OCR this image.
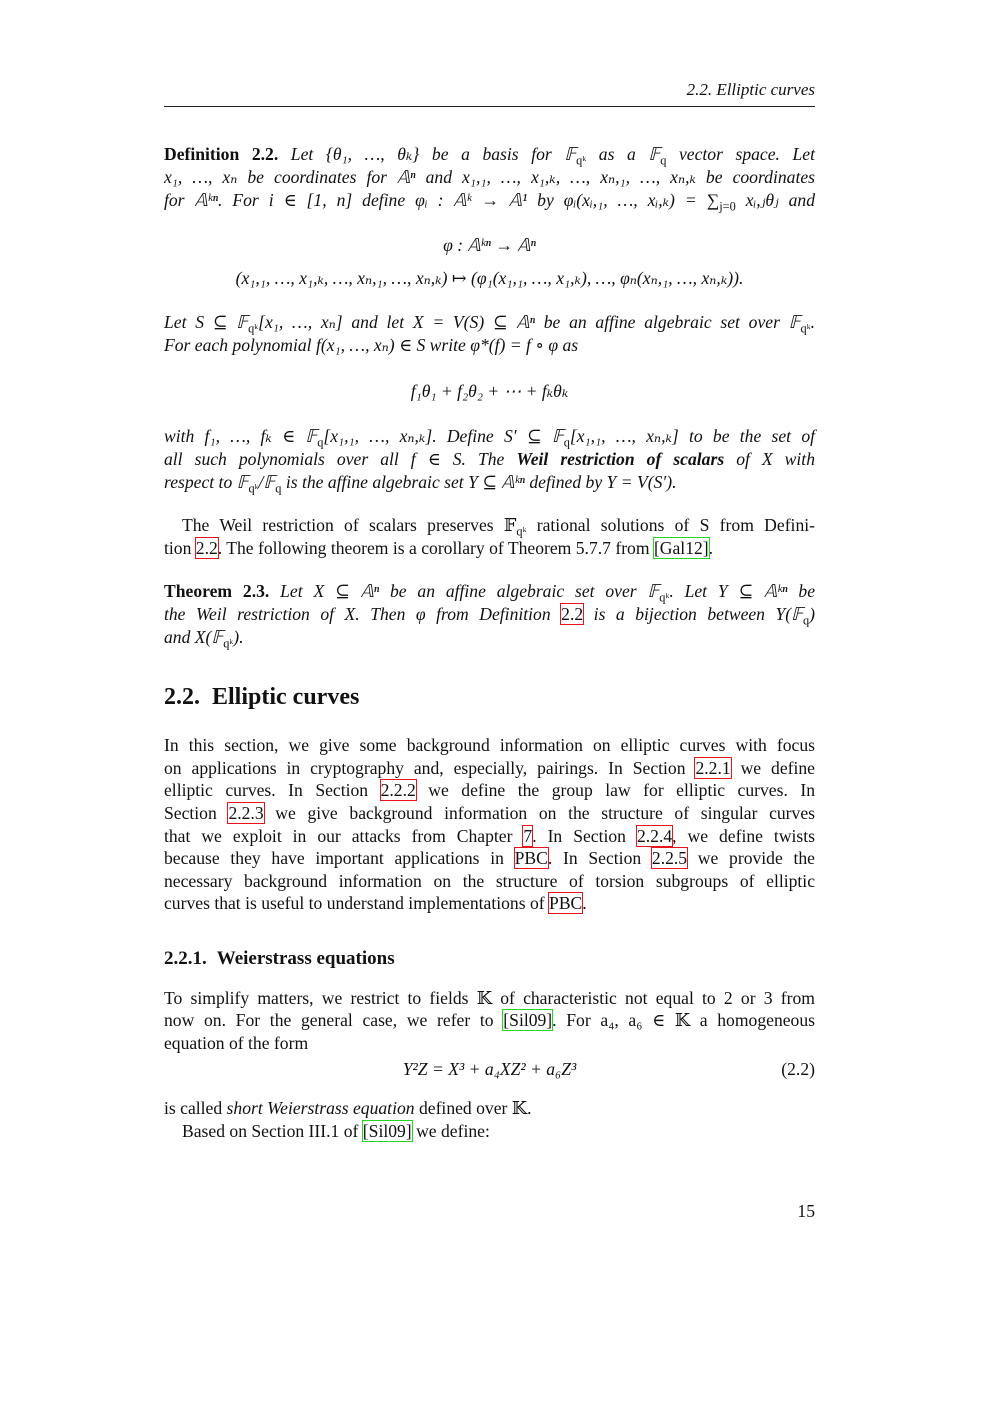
2.2. Elliptic curves
Definition 2.2. Let {θ₁, …, θₖ} be a basis for 𝔽$_{qᵏ}$ as a 𝔽$_q$ vector space. Let
x₁, …, xₙ be coordinates for 𝔸ⁿ and x₁,₁, …, x₁,ₖ, …, xₙ,₁, …, xₙ,ₖ be coordinates
for 𝔸ᵏⁿ. For i ∈ [1, n] define φᵢ : 𝔸ᵏ → 𝔸¹ by φᵢ(xᵢ,₁, …, xᵢ,ₖ) = $\sum_{j=0}$ xᵢ,ⱼθⱼ and
φ : 𝔸ᵏⁿ → 𝔸ⁿ
(x₁,₁, …, x₁,ₖ, …, xₙ,₁, …, xₙ,ₖ) ↦ (φ₁(x₁,₁, …, x₁,ₖ), …, φₙ(xₙ,₁, …, xₙ,ₖ)).
Let S ⊆ 𝔽$_{qᵏ}$[x₁, …, xₙ] and let X = V(S) ⊆ 𝔸ⁿ be an affine algebraic set over 𝔽$_{qᵏ}$.
For each polynomial f(x₁, …, xₙ) ∈ S write φ*(f) = f ∘ φ as
f₁θ₁ + f₂θ₂ + ⋯ + fₖθₖ
with f₁, …, fₖ ∈ 𝔽$_q$[x₁,₁, …, xₙ,ₖ]. Define S′ ⊆ 𝔽$_q$[x₁,₁, …, xₙ,ₖ] to be the set of
all such polynomials over all f ∈ S. The Weil restriction of scalars of X with
respect to 𝔽$_{qᵏ}$/𝔽$_q$ is the affine algebraic set Y ⊆ 𝔸ᵏⁿ defined by Y = V(S′).
The Weil restriction of scalars preserves 𝔽$_{qᵏ}$ rational solutions of S from Defini-
tion 2.2. The following theorem is a corollary of Theorem 5.7.7 from [Gal12].
Theorem 2.3. Let X ⊆ 𝔸ⁿ be an affine algebraic set over 𝔽$_{qᵏ}$. Let Y ⊆ 𝔸ᵏⁿ be
the Weil restriction of X. Then φ from Definition 2.2 is a bijection between Y(𝔽$_q$)
and X(𝔽$_{qᵏ}$).
In this section, we give some background information on elliptic curves with focus
on applications in cryptography and, especially, pairings. In Section 2.2.1 we define
elliptic curves. In Section 2.2.2 we define the group law for elliptic curves. In
Section 2.2.3 we give background information on the structure of singular curves
that we exploit in our attacks from Chapter 7. In Section 2.2.4, we define twists
because they have important applications in PBC. In Section 2.2.5 we provide the
necessary background information on the structure of torsion subgroups of elliptic
curves that is useful to understand implementations of PBC.
To simplify matters, we restrict to fields 𝕂 of characteristic not equal to 2 or 3 from
now on. For the general case, we refer to [Sil09]. For a₄, a₆ ∈ 𝕂 a homogeneous
equation of the form
Y²Z = X³ + a₄XZ² + a₆Z³
is called short Weierstrass equation defined over 𝕂.
Based on Section III.1 of [Sil09] we define:
2.2. Elliptic curves
2.2.1. Weierstrass equations
(2.2)
15
